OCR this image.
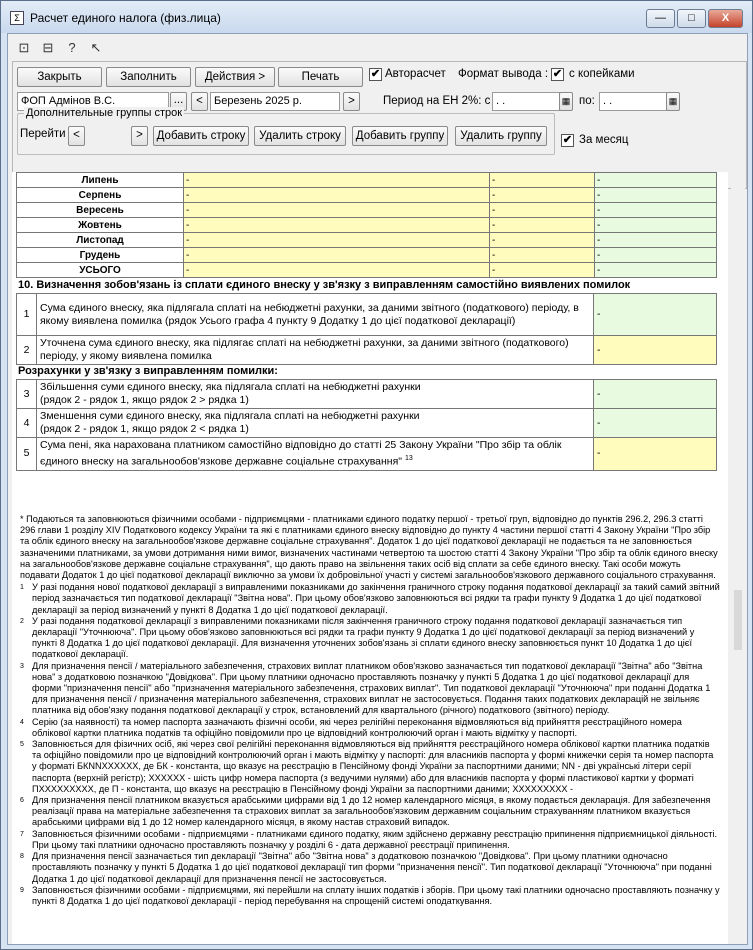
Σ Расчет единого налога (физ.лица)	—	□	X
⊡	⊟	?	↖
Закрыть	Заполнить	Действия >	Печать	✔ Авторасчет Формат вывода : ✔ с копейками
ФОП Адмінов В.С.	...	<	Березень 2025 р.	>	Период на ЕН 2%: с . .	▦ по: . .	▦
Дополнительные группы строк
Перейти <	>	Добавить строку	Удалить строку	Добавить группу	Удалить группу	✔ За месяц
Липень	-	-	-
Серпень	-	-	-
Вересень	-	-	-
Жовтень	-	-	-
Листопад	-	-	-
Грудень	-	-	-
УСЬОГО	-	-	-
10. Визначення зобов'язань із сплати єдиного внеску у зв'язку з виправленням самостійно виявлених помилок
1	Сума єдиного внеску, яка підлягала сплаті на небюджетні рахунки, за даними звітного (податкового) періоду, в якому виявлена помилка (рядок Усього графа 4 пункту 9 Додатку 1 до цієї податкової декларації)	-
2	Уточнена сума єдиного внеску, яка підлягає сплаті на небюджетні рахунки, за даними звітного (податкового) періоду, у якому виявлена помилка	-
Розрахунки у зв'язку з виправленням помилки:
3	Збільшення суми єдиного внеску, яка підлягала сплаті на небюджетні рахунки
(рядок 2 - рядок 1, якщо рядок 2 > рядка 1)	-
4	Зменшення суми єдиного внеску, яка підлягала сплаті на небюджетні рахунки
(рядок 2 - рядок 1, якщо рядок 2 < рядка 1)	-
5	Сума пені, яка нарахована платником самостійно відповідно до статті 25 Закону України "Про збір та облік єдиного внеску на загальнообов'язкове державне соціальне страхування" $^{13}$	-

* Подаються та заповнюються фізичними особами - підприємцями - платниками єдиного податку першої - третьої груп, відповідно до пунктів 296.2, 296.3 статті 296 глави 1 розділу XIV Податкового кодексу України та які є платниками єдиного внеску відповідно до пункту 4 частини першої статті 4 Закону України "Про збір та облік єдиного внеску на загальнообов'язкове державне соціальне страхування". Додаток 1 до цієї податкової декларації не подається та не заповнюється зазначеними платниками, за умови дотримання ними вимог, визначених частинами четвертою та шостою статті 4 Закону України "Про збір та облік єдиного внеску на загальнообов'язкове державне соціальне страхування", що дають право на звільнення таких осіб від сплати за себе єдиного внеску. Такі особи можуть подавати Додаток 1 до цієї податкової декларації виключно за умови їх добровільної участі у системі загальнообов'язкового державного соціального страхування.

1 У разі подання нової податкової декларації з виправленими показниками до закінчення граничного строку подання податкової декларації за такий самий звітний період зазначається тип податкової декларації "Звітна нова". При цьому обов'язково заповнюються всі рядки та графи пункту 9 Додатка 1 до цієї податкової декларації за період визначений у пункті 8 Додатка 1 до цієї податкової декларації.
2 У разі подання податкової декларації з виправленими показниками після закінчення граничного строку подання податкової декларації зазначається тип декларації "Уточнююча". При цьому обов'язково заповнюються всі рядки та графи пункту 9 Додатка 1 до цієї податкової декларації за період визначений у пункті 8 Додатка 1 до цієї податкової декларації. Для визначення уточнених зобов'язань зі сплати єдиного внеску заповнюється пункт 10 Додатка 1 до цієї податкової декларації.
3 Для призначення пенсії / матеріального забезпечення, страхових виплат платником обов'язково зазначається тип податкової декларації "Звітна" або "Звітна нова" з додатковою позначкою "Довідкова". При цьому платники одночасно проставляють позначку у пункті 5 Додатка 1 до цієї податкової декларації для форми "призначення пенсії" або "призначення матеріального забезпечення, страхових виплат". Тип податкової декларації "Уточнююча" при поданні Додатка 1 для призначення пенсії / призначення матеріального забезпечення, страхових виплат не застосовується. Подання таких податкових декларацій не звільняє платника від обов'язку подання податкової декларації у строк, встановлений для квартального (річного) податкового (звітного) періоду.
4 Серію (за наявності) та номер паспорта зазначають фізичні особи, які через релігійні переконання відмовляються від прийняття реєстраційного номера облікової картки платника податків та офіційно повідомили про це відповідний контролюючий орган і мають відмітку у паспорті.
5 Заповнюється для фізичних осіб, які через свої релігійні переконання відмовляються від прийняття реєстраційного номера облікової картки платника податків та офіційно повідомили про це відповідний контролюючий орган і мають відмітку у паспорті: для власників паспорта у формі книжечки серія та номер паспорта у форматі БКNNXXXXXX, де БК - константа, що вказує на реєстрацію в Пенсійному фонді України за паспортними даними; NN - дві українські літери серії паспорта (верхній регістр); XXXXXX - шість цифр номера паспорта (з ведучими нулями) або для власників паспорта у формі пластикової картки у форматі ПXXXXXXXXX, де П - константа, що вказує на реєстрацію в Пенсійному фонді України за паспортними даними; XXXXXXXXX -
6 Для призначення пенсії платником вказується арабськими цифрами від 1 до 12 номер календарного місяця, в якому подається декларація. Для забезпечення реалізації права на матеріальне забезпечення та страхових виплат за загальнообов'язковим державним соціальним страхуванням платником вказується арабськими цифрами від 1 до 12 номер календарного місяця, в якому настав страховий випадок.
7 Заповнюється фізичними особами - підприємцями - платниками єдиного податку, яким здійснено державну реєстрацію припинення підприємницької діяльності. При цьому такі платники одночасно проставляють позначку у розділі 6 - дата державної реєстрації припинення.
8 Для призначення пенсії зазначається тип декларації "Звітна" або "Звітна нова" з додатковою позначкою "Довідкова". При цьому платники одночасно проставляють позначку у пункті 5 Додатка 1 до цієї податкової декларації тип форми "призначення пенсії". Тип податкової декларації "Уточнююча" при поданні Додатка 1 до цієї податкової декларації для призначення пенсії не застосовується.
9 Заповнюється фізичними особами - підприємцями, які перейшли на сплату інших податків і зборів. При цьому такі платники одночасно проставляють позначку у пункті 8 Додатка 1 до цієї податкової декларації - період перебування на спрощеній системі оподаткування.
